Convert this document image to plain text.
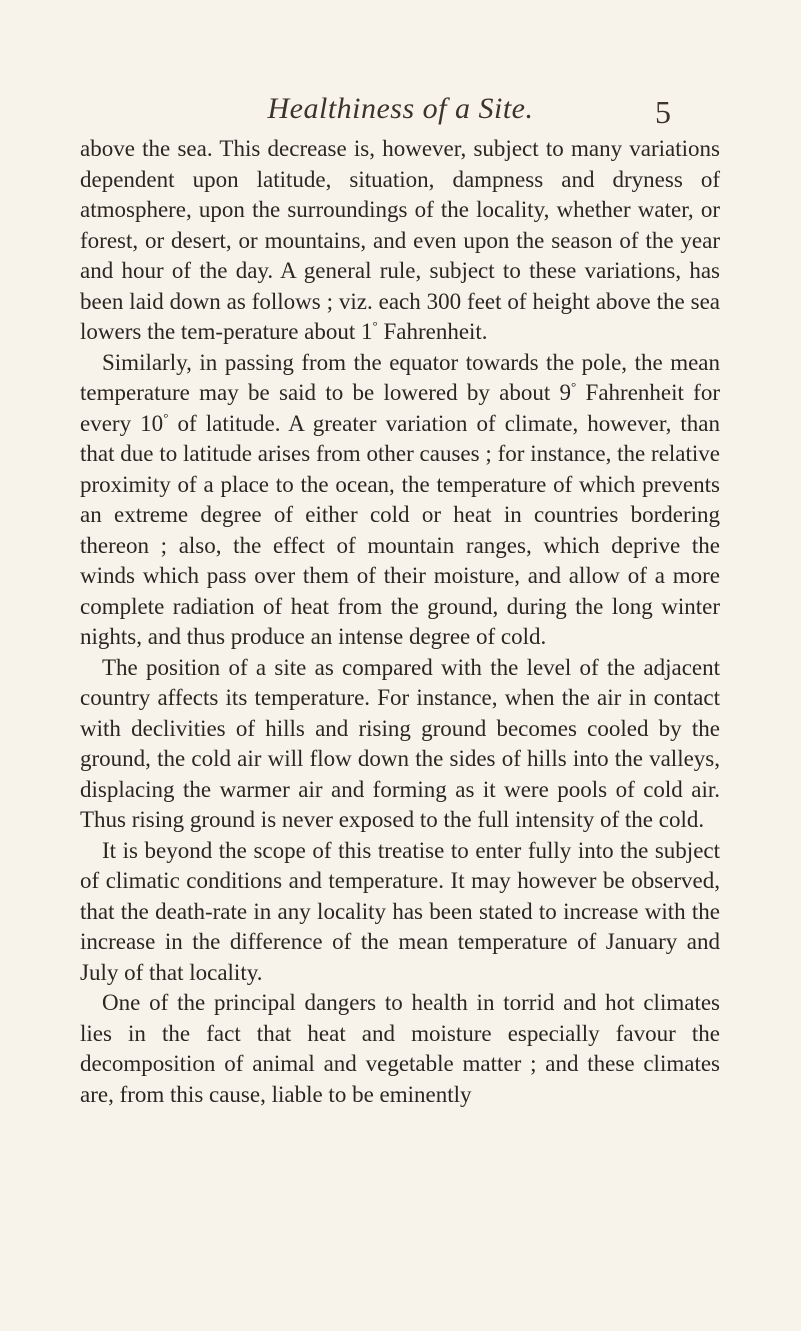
Healthiness of a Site.	5

above the sea. This decrease is, however, subject to many variations dependent upon latitude, situation, dampness and dryness of atmosphere, upon the surroundings of the locality, whether water, or forest, or desert, or mountains, and even upon the season of the year and hour of the day. A general rule, subject to these variations, has been laid down as follows ; viz. each 300 feet of height above the sea lowers the tem-perature about 1° Fahrenheit.

Similarly, in passing from the equator towards the pole, the mean temperature may be said to be lowered by about 9° Fahrenheit for every 10° of latitude. A greater variation of climate, however, than that due to latitude arises from other causes ; for instance, the relative proximity of a place to the ocean, the temperature of which prevents an extreme degree of either cold or heat in countries bordering thereon ; also, the effect of mountain ranges, which deprive the winds which pass over them of their moisture, and allow of a more complete radiation of heat from the ground, during the long winter nights, and thus produce an intense degree of cold.

The position of a site as compared with the level of the adjacent country affects its temperature. For instance, when the air in contact with declivities of hills and rising ground becomes cooled by the ground, the cold air will flow down the sides of hills into the valleys, displacing the warmer air and forming as it were pools of cold air. Thus rising ground is never exposed to the full intensity of the cold.

It is beyond the scope of this treatise to enter fully into the subject of climatic conditions and temperature. It may however be observed, that the death-rate in any locality has been stated to increase with the increase in the difference of the mean temperature of January and July of that locality.

One of the principal dangers to health in torrid and hot climates lies in the fact that heat and moisture especially favour the decomposition of animal and vegetable matter ; and these climates are, from this cause, liable to be eminently
